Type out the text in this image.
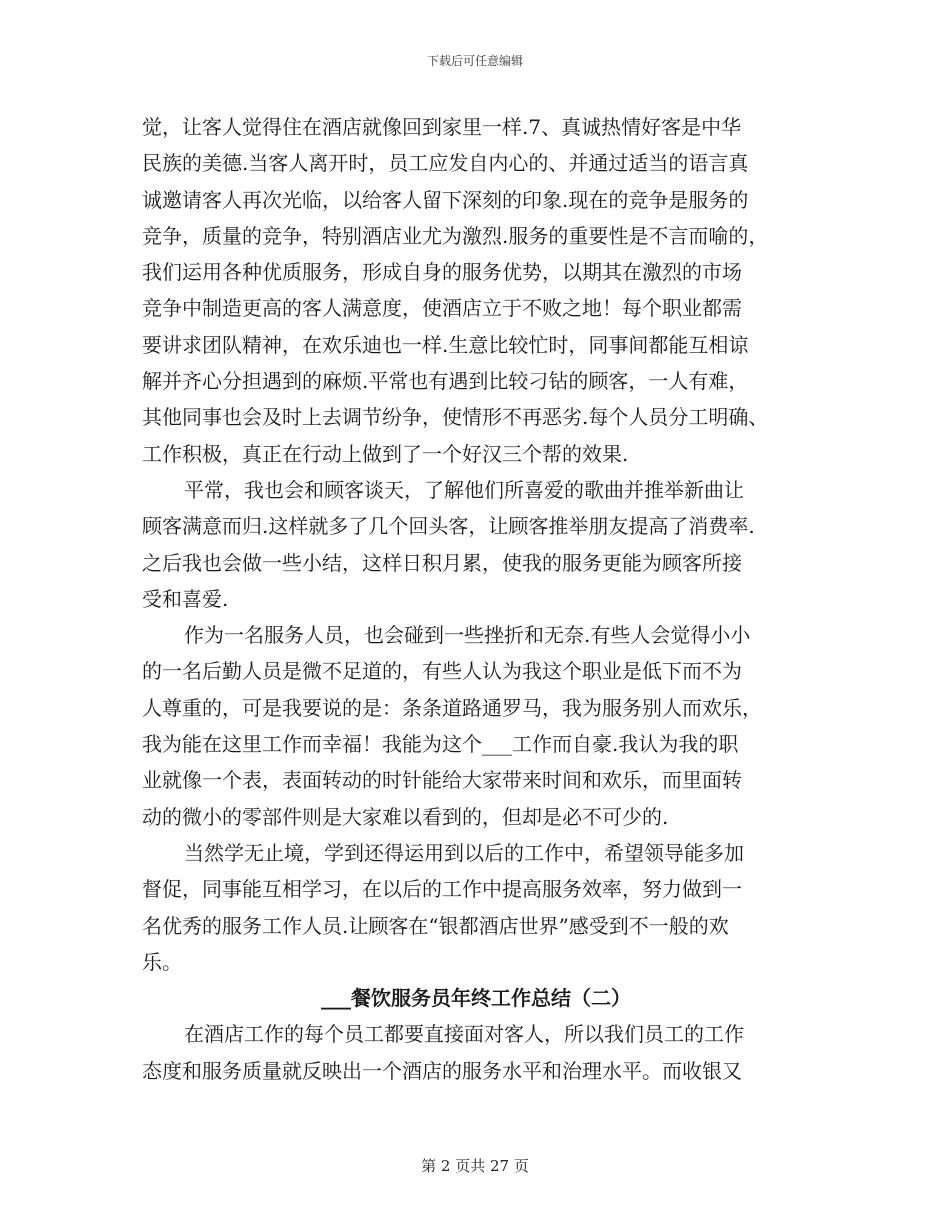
下载后可任意编辑
觉，让客人觉得住在酒店就像回到家里一样.7、真诚热情好客是中华
民族的美德.当客人离开时，员工应发自内心的、并通过适当的语言真
诚邀请客人再次光临，以给客人留下深刻的印象.现在的竞争是服务的
竞争，质量的竞争，特别酒店业尤为激烈.服务的重要性是不言而喻的，
我们运用各种优质服务，形成自身的服务优势，以期其在激烈的市场
竞争中制造更高的客人满意度，使酒店立于不败之地！每个职业都需
要讲求团队精神，在欢乐迪也一样.生意比较忙时，同事间都能互相谅
解并齐心分担遇到的麻烦.平常也有遇到比较刁钻的顾客，一人有难，
其他同事也会及时上去调节纷争，使情形不再恶劣.每个人员分工明确、
工作积极，真正在行动上做到了一个好汉三个帮的效果.
平常，我也会和顾客谈天，了解他们所喜爱的歌曲并推举新曲让
顾客满意而归.这样就多了几个回头客，让顾客推举朋友提高了消费率.
之后我也会做一些小结，这样日积月累，使我的服务更能为顾客所接
受和喜爱.
作为一名服务人员，也会碰到一些挫折和无奈.有些人会觉得小小
的一名后勤人员是微不足道的，有些人认为我这个职业是低下而不为
人尊重的，可是我要说的是：条条道路通罗马，我为服务别人而欢乐，
我为能在这里工作而幸福！我能为这个___工作而自豪.我认为我的职
业就像一个表，表面转动的时针能给大家带来时间和欢乐，而里面转
动的微小的零部件则是大家难以看到的，但却是必不可少的.
当然学无止境，学到还得运用到以后的工作中，希望领导能多加
督促，同事能互相学习，在以后的工作中提高服务效率，努力做到一
名优秀的服务工作人员.让顾客在“银都酒店世界”感受到不一般的欢
乐。
___餐饮服务员年终工作总结（二）
在酒店工作的每个员工都要直接面对客人，所以我们员工的工作
态度和服务质量就反映出一个酒店的服务水平和治理水平。而收银又
第 2 页共 27 页
